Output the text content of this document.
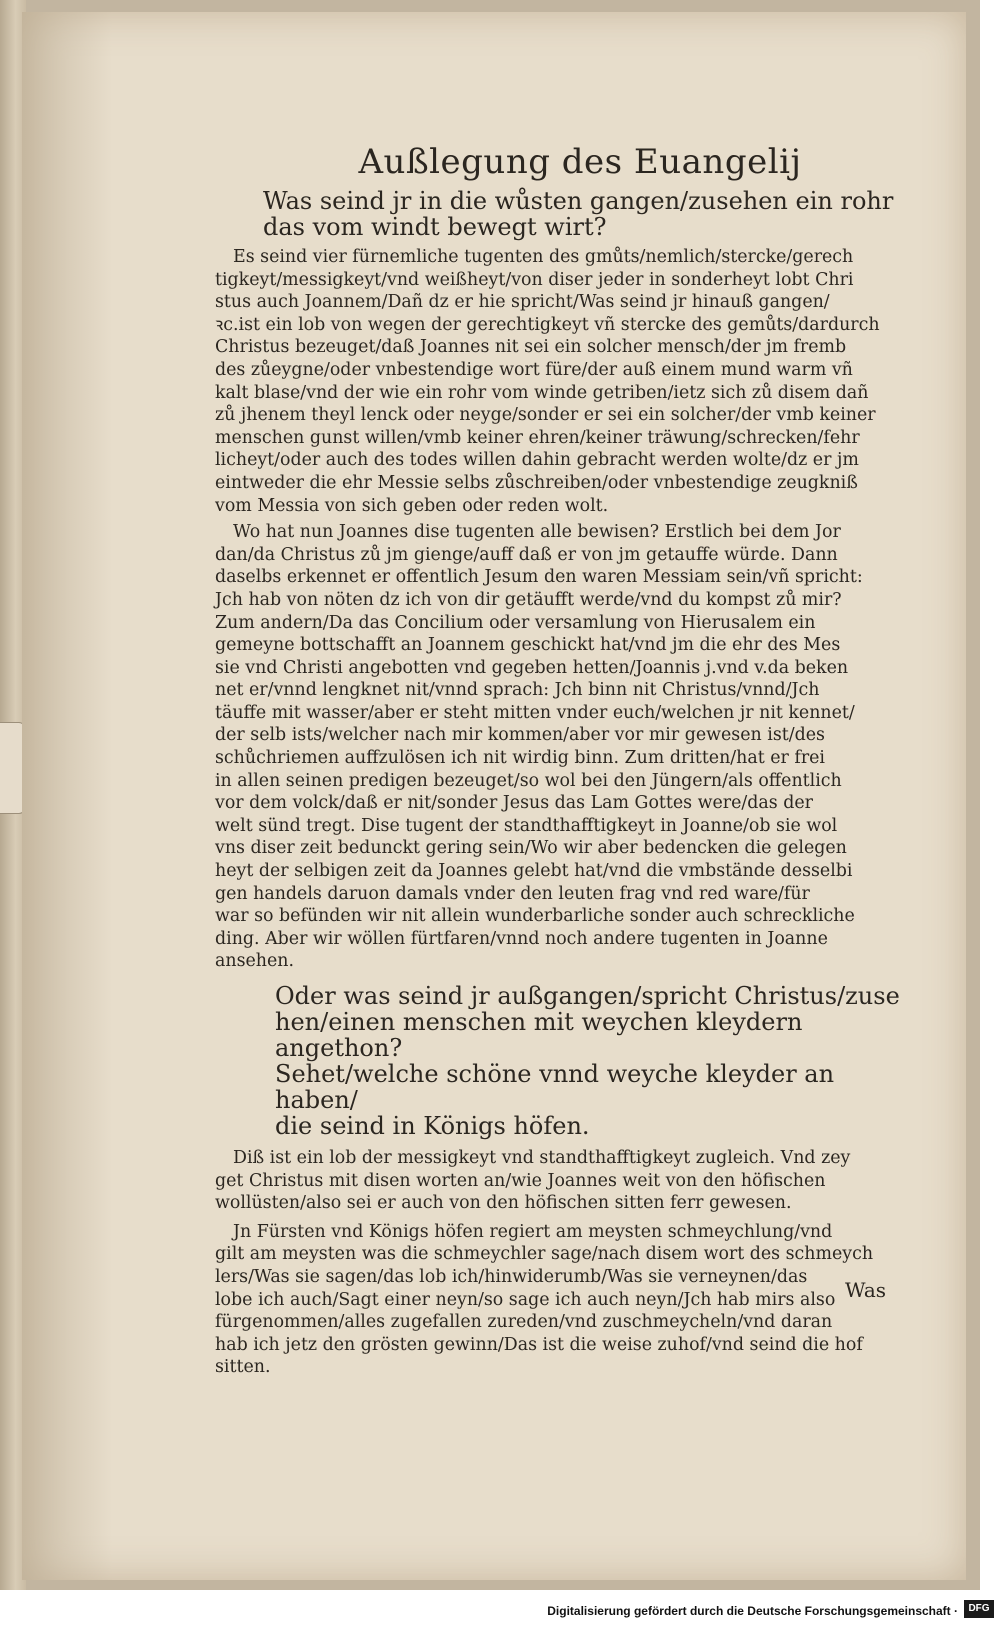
Außlegung des Euangelij
Was seind jr in die wůsten gangen/zusehen ein rohr
das vom windt bewegt wirt?
Es seind vier fürnemliche tugenten des gmůts/nemlich/stercke/gerech
tigkeyt/messigkeyt/vnd weißheyt/von diser jeder in sonderheyt lobt Chri
stus auch Joannem/Dañ dz er hie spricht/Was seind jr hinauß gangen/
ꝛc.ist ein lob von wegen der gerechtigkeyt vñ stercke des gemůts/dardurch
Christus bezeuget/daß Joannes nit sei ein solcher mensch/der jm fremb
des zůeygne/oder vnbestendige wort füre/der auß einem mund warm vñ
kalt blase/vnd der wie ein rohr vom winde getriben/ietz sich zů disem dañ
zů jhenem theyl lenck oder neyge/sonder er sei ein solcher/der vmb keiner
menschen gunst willen/vmb keiner ehren/keiner träwung/schrecken/fehr
licheyt/oder auch des todes willen dahin gebracht werden wolte/dz er jm
eintweder die ehr Messie selbs zůschreiben/oder vnbestendige zeugkniß
vom Messia von sich geben oder reden wolt.
Wo hat nun Joannes dise tugenten alle bewisen? Erstlich bei dem Jor
dan/da Christus zů jm gienge/auff daß er von jm getauffe würde. Dann
daselbs erkennet er offentlich Jesum den waren Messiam sein/vñ spricht:
Jch hab von nöten dz ich von dir getäufft werde/vnd du kompst zů mir?
Zum andern/Da das Concilium oder versamlung von Hierusalem ein
gemeyne bottschafft an Joannem geschickt hat/vnd jm die ehr des Mes
sie vnd Christi angebotten vnd gegeben hetten/Joannis j.vnd v.da beken
net er/vnnd lengknet nit/vnnd sprach: Jch binn nit Christus/vnnd/Jch
täuffe mit wasser/aber er steht mitten vnder euch/welchen jr nit kennet/
der selb ists/welcher nach mir kommen/aber vor mir gewesen ist/des
schůchriemen auffzulösen ich nit wirdig binn. Zum dritten/hat er frei
in allen seinen predigen bezeuget/so wol bei den Jüngern/als offentlich
vor dem volck/daß er nit/sonder Jesus das Lam Gottes were/das der
welt sünd tregt. Dise tugent der standthafftigkeyt in Joanne/ob sie wol
vns diser zeit bedunckt gering sein/Wo wir aber bedencken die gelegen
heyt der selbigen zeit da Joannes gelebt hat/vnd die vmbstände desselbi
gen handels daruon damals vnder den leuten frag vnd red ware/für
war so befünden wir nit allein wunderbarliche sonder auch schreckliche
ding. Aber wir wöllen fürtfaren/vnnd noch andere tugenten in Joanne
ansehen.
Oder was seind jr außgangen/spricht Christus/zuse
hen/einen menschen mit weychen kleydern angethon?
Sehet/welche schöne vnnd weyche kleyder an haben/
die seind in Königs höfen.
Diß ist ein lob der messigkeyt vnd standthafftigkeyt zugleich. Vnd zey
get Christus mit disen worten an/wie Joannes weit von den höfischen
wollüsten/also sei er auch von den höfischen sitten ferr gewesen.
Jn Fürsten vnd Königs höfen regiert am meysten schmeychlung/vnd
gilt am meysten was die schmeychler sage/nach disem wort des schmeych
lers/Was sie sagen/das lob ich/hinwiderumb/Was sie verneynen/das
lobe ich auch/Sagt einer neyn/so sage ich auch neyn/Jch hab mirs also
fürgenommen/alles zugefallen zureden/vnd zuschmeycheln/vnd daran
hab ich jetz den grösten gewinn/Das ist die weise zuhof/vnd seind die hof
sitten.
Was
Digitalisierung gefördert durch die Deutsche Forschungsgemeinschaft ·	DFG
